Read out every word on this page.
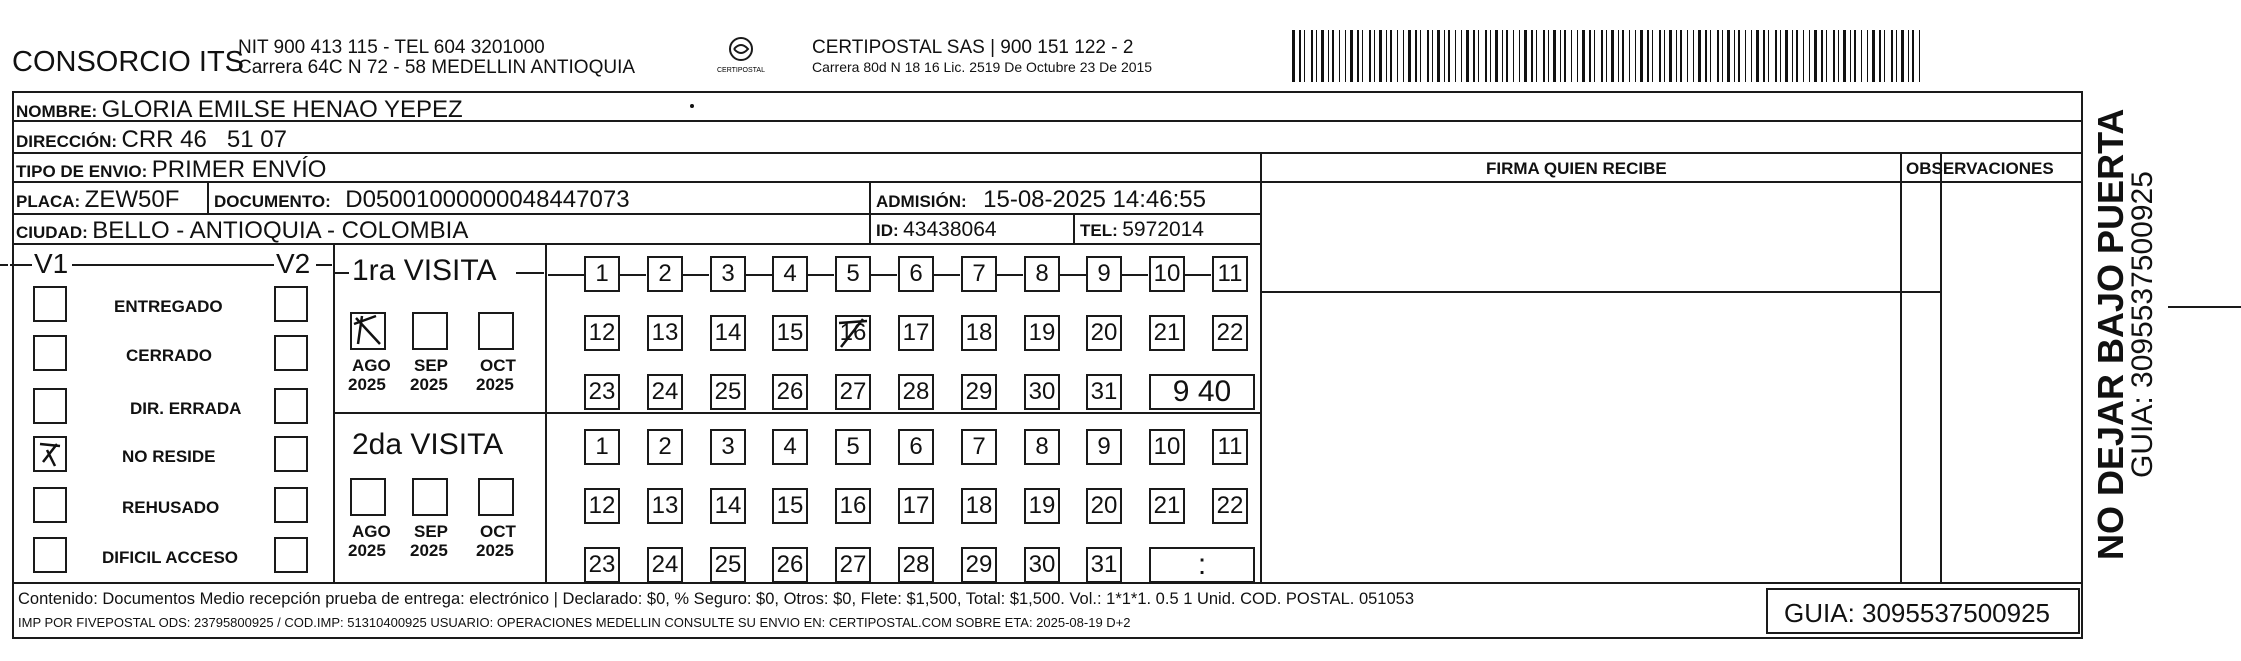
CONSORCIO ITS
NIT 900 413 115 - TEL 604 3201000
Carrera 64C N 72 - 58 MEDELLIN ANTIOQUIA	CERTIPOSTAL
CERTIPOSTAL SAS | 900 151 122 - 2
Carrera 80d N 18 16 Lic. 2519 De Octubre 23 De 2015
NOMBRE: GLORIA EMILSE HENAO YEPEZ
DIRECCIÓN: CRR 46   51 07
TIPO DE ENVIO: PRIMER ENVÍO
PLACA: ZEW50F DOCUMENTO: D05001000000048447073	ADMISIÓN: 15-08-2025 14:46:55
CIUDAD: BELLO - ANTIOQUIA - COLOMBIA	ID: 43438064	TEL: 5972014
FIRMA QUIEN RECIBE	OBSERVACIONES
V1	V2
ENTREGADO
CERRADO
DIR. ERRADA
NO RESIDE
REHUSADO
DIFICIL ACCESO
1ra VISITA
AGO
2025
SEP
2025
OCT
2025
1	2	3	4	5	6	7	8	9	10 11
12 13 14 15 16 17 18 19 20 21 22
23 24 25 26 27 28 29 30 31	9 40
2da VISITA
AGO
2025
SEP
2025
OCT
2025
1	2	3	4	5	6	7	8	9	10 11
12 13 14 15 16 17 18 19 20 21 22
23 24 25 26 27 28 29 30 31	:
Contenido: Documentos Medio recepción prueba de entrega: electrónico | Declarado: $0, % Seguro: $0, Otros: $0, Flete: $1,500, Total: $1,500. Vol.: 1*1*1. 0.5 1 Unid. COD. POSTAL. 051053
IMP POR FIVEPOSTAL ODS: 23795800925 / COD.IMP: 51310400925 USUARIO: OPERACIONES MEDELLIN CONSULTE SU ENVIO EN: CERTIPOSTAL.COM SOBRE ETA: 2025-08-19 D+2	GUIA: 3095537500925
NO DEJAR BAJO PUERTA
GUIA: 3095537500925
